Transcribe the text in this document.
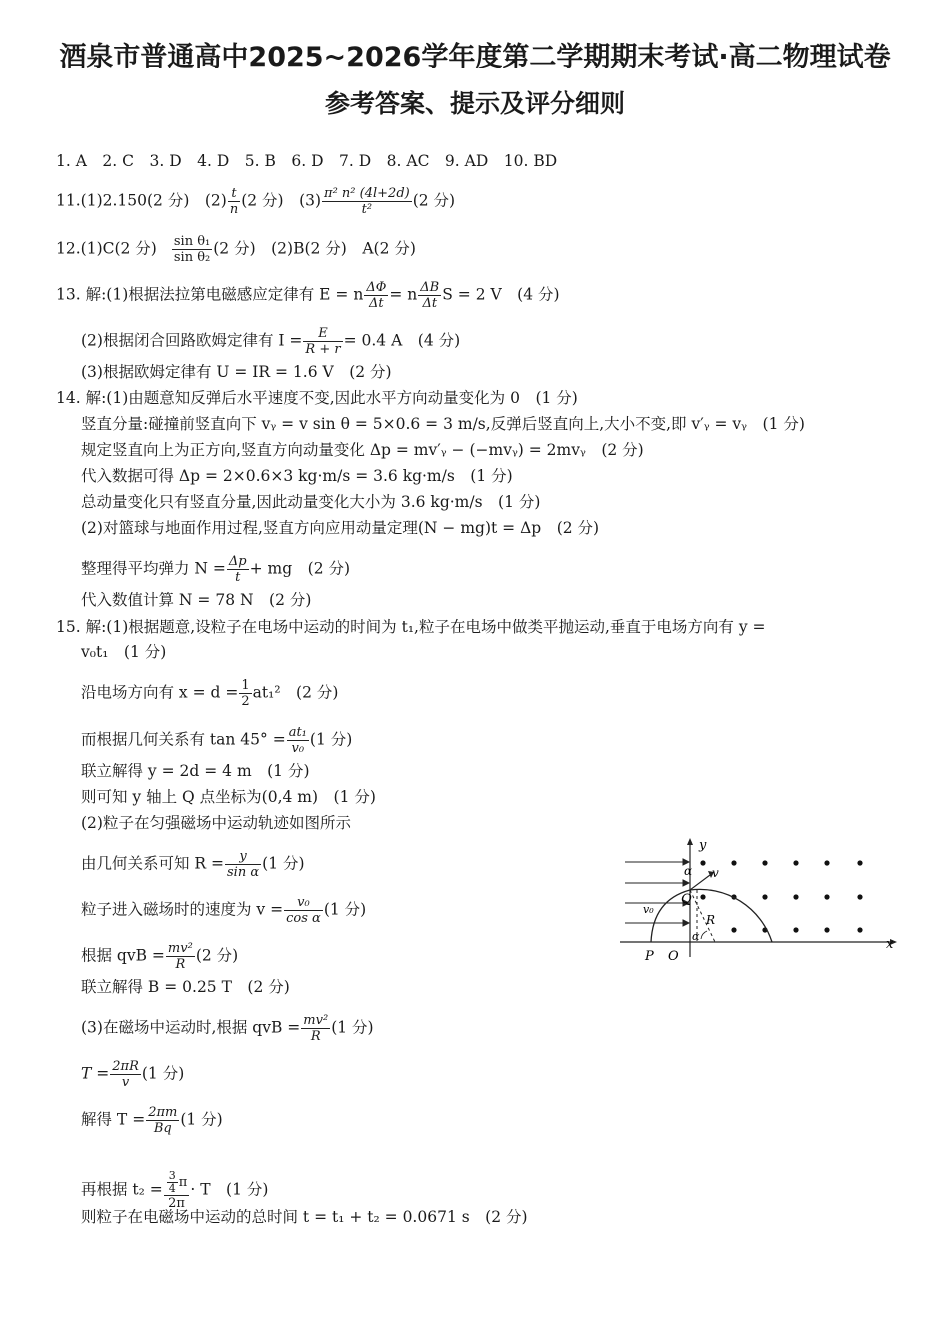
酒泉市普通高中2025~2026学年度第二学期期末考试·高二物理试卷
参考答案、提示及评分细则
1. A　2. C　3. D　4. D　5. B　6. D　7. D　8. AC　9. AD　10. BD
11.(1)2.150(2 分)　$(2) \frac{t}{n} (2$ 分)　$(3) \frac{\text{π² n² (4l+2d)}}{\text{t²}} (2$ 分)
12.(1)C(2 分) $\frac{\text{sin θ₁}}{\text{sin θ₂}} (2$ 分)　(2)B(2 分)　A(2 分)
13. 解:(1)根据法拉第电磁感应定律有 E = n $\frac{\Delta\Phi}{\Delta t} = n \frac{\Delta B}{\Delta t}$ S = 2 V　(4 分)
(2)根据闭合回路欧姆定律有 $I = \frac{E}{R + r} = 0.4$ A　(4 分)
(3)根据欧姆定律有 U = IR = 1.6 V　(2 分)
14. 解:(1)由题意知反弹后水平速度不变,因此水平方向动量变化为 0　(1 分)
竖直分量:碰撞前竖直向下 vᵧ = v sin θ = 5×0.6 = 3 m/s,反弹后竖直向上,大小不变,即 v′ᵧ = vᵧ　(1 分)
规定竖直向上为正方向,竖直方向动量变化 Δp = mv′ᵧ − (−mvᵧ) = 2mvᵧ　(2 分)
代入数据可得 Δp = 2×0.6×3 kg·m/s = 3.6 kg·m/s　(1 分)
总动量变化只有竖直分量,因此动量变化大小为 3.6 kg·m/s　(1 分)
(2)对篮球与地面作用过程,竖直方向应用动量定理(N − mg)t = Δp　(2 分)
整理得平均弹力 $N = \frac{\Delta p}{t}$ + mg　(2 分)
代入数值计算 N = 78 N　(2 分)
15. 解:(1)根据题意,设粒子在电场中运动的时间为 t₁,粒子在电场中做类平抛运动,垂直于电场方向有 y =
v₀t₁　(1 分)
沿电场方向有 $x = d = \frac{1}{2} at_1^2$　(2 分)
而根据几何关系有 $\tan 45^\circ = \frac{\text{at₁}}{\text{v₀}} (1$ 分)
联立解得 y = 2d = 4 m　(1 分)
则可知 y 轴上 Q 点坐标为(0,4 m)　(1 分)
(2)粒子在匀强磁场中运动轨迹如图所示
由几何关系可知 $R = \frac{y}{\text{sin α}} (1$ 分)
粒子进入磁场时的速度为 $v = \frac{\text{v₀}}{\text{cos α}} (1$ 分)
根据 qvB = $\frac{\text{mv²}}{R} (2$ 分)
联立解得 B = 0.25 T　(2 分)
(3)在磁场中运动时,根据 qvB = $\frac{\text{mv²}}{R} (1$ 分)
$T = \frac{2\pi R}{v} (1$ 分)
解得 $T = \frac{2\pi m}{Bq} (1$ 分)
再根据 $t_2 = \frac{\frac{3}{4} \pi}{2\pi} \cdot T$　(1 分)
则粒子在电磁场中运动的总时间 t = t₁ + t₂ = 0.0671 s　(2 分)
y
x
v
α
Q
R
α
v₀
P O
